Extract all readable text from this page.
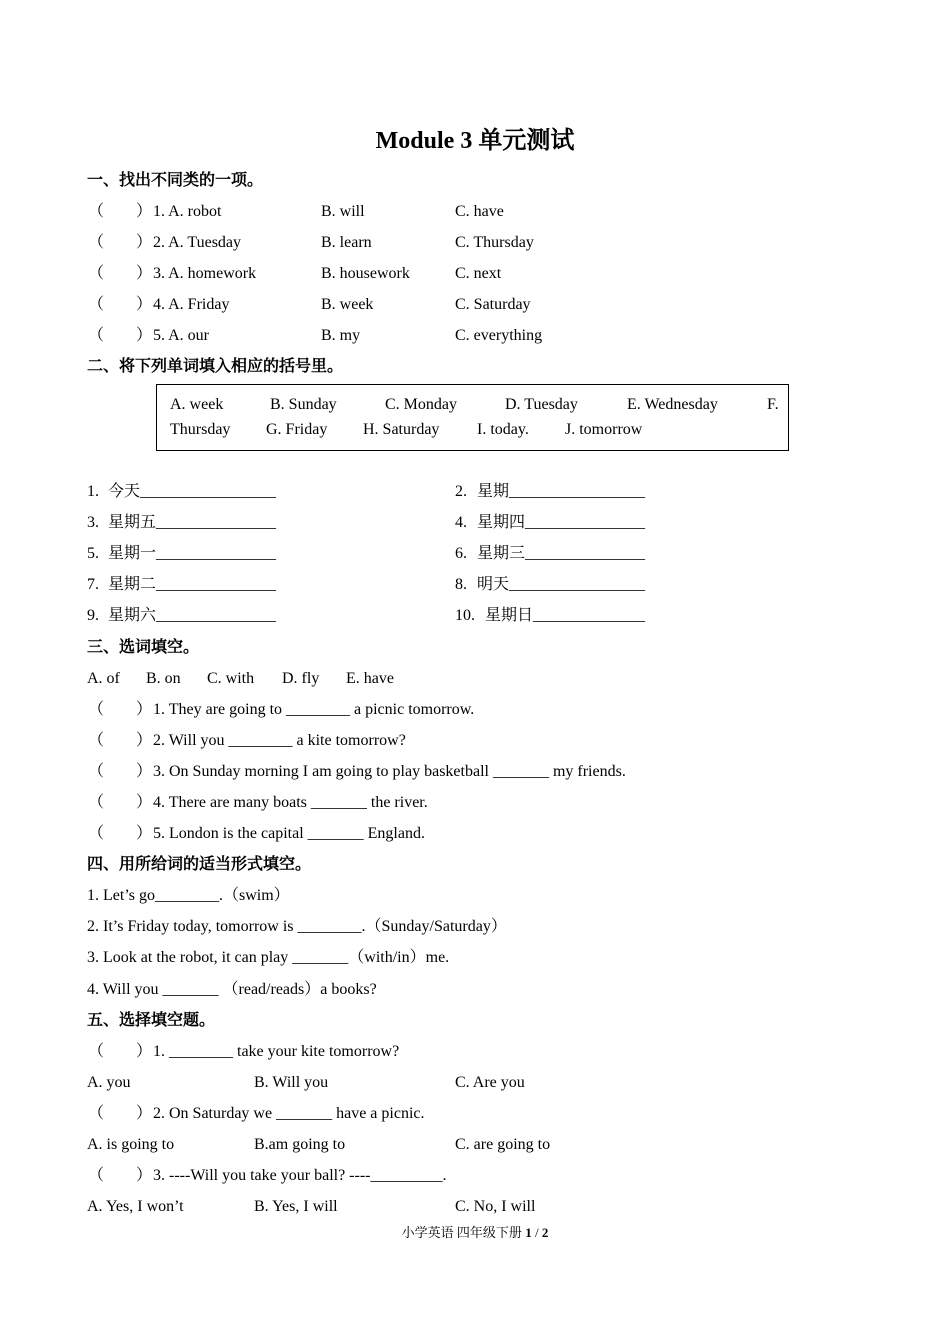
Module 3 单元测试
一、找出不同类的一项。
（　　） 1. A. robot	B. will	C. have
（　　） 2. A. Tuesday	B. learn	C. Thursday
（　　） 3. A. homework	B. housework	C. next
（　　） 4. A. Friday	B. week	C. Saturday
（　　） 5. A. our	B. my	C. everything
二、将下列单词填入相应的括号里。
A. week	B. Sunday	C. Monday	D. Tuesday	E. Wednesday	F.
Thursday G. Friday H. Saturday I. today. J. tomorrow
1. 今天_________________	2. 星期_________________
3. 星期五_______________	4. 星期四_______________
5. 星期一_______________	6. 星期三_______________
7. 星期二_______________	8. 明天_________________
9. 星期六_______________	10. 星期日______________
三、选词填空。
A. of B. on C. with D. fly E. have
（　　） 1. They are going to ________ a picnic tomorrow.
（　　） 2. Will you ________ a kite tomorrow?
（　　） 3. On Sunday morning I am going to play basketball _______ my friends.
（　　） 4. There are many boats _______ the river.
（　　） 5. London is the capital _______ England.
四、用所给词的适当形式填空。
1. Let’s go________.（swim）
2. It’s Friday today, tomorrow is ________.（Sunday/Saturday）
3. Look at the robot, it can play _______（with/in）me.
4. Will you _______ （read/reads）a books?
五、选择填空题。
（　　） 1. ________ take your kite tomorrow?
A. you	B. Will you	C. Are you
（　　） 2. On Saturday we _______ have a picnic.
A. is going to	B.am going to	C. are going to
（　　） 3. ----Will you take your ball? ----_________.
A. Yes, I won’t	B. Yes, I will	C. No, I will
小学英语 四年级下册 1 / 2
